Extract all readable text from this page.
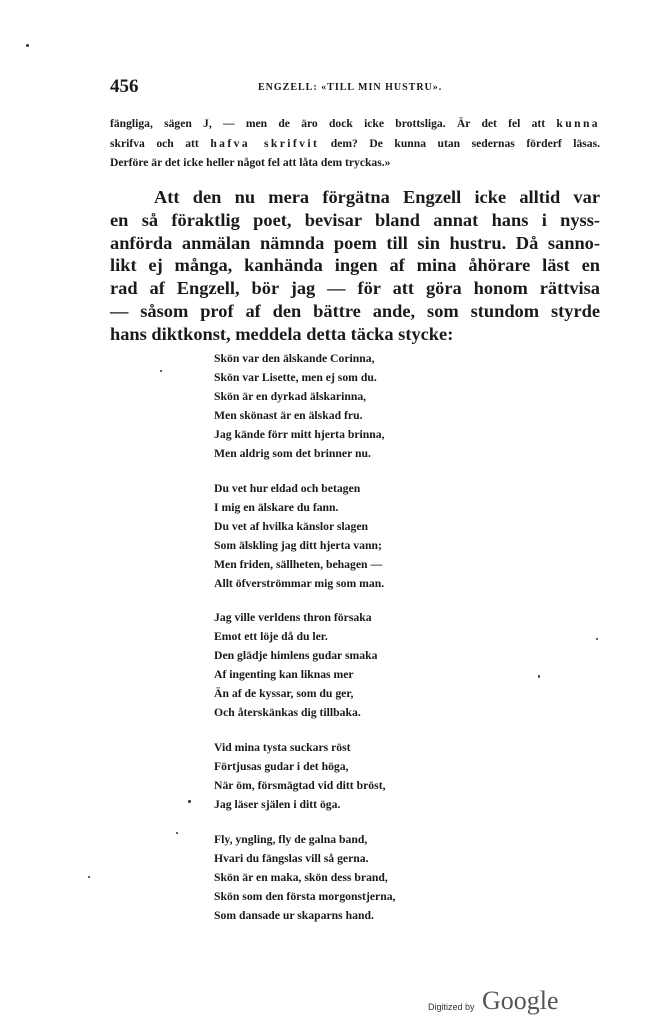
456	ENGZELL: «TILL MIN HUSTRU».
fängliga, sägen J, — men de äro dock icke brottsliga. Är det fel att kunna
skrifva och att hafva skrifvit dem? De kunna utan sedernas förderf läsas.
Derföre är det icke heller något fel att låta dem tryckas.»
Att den nu mera förgätna Engzell icke alltid var
en så föraktlig poet, bevisar bland annat hans i nyss-
anförda anmälan nämnda poem till sin hustru. Då sanno-
likt ej många, kanhända ingen af mina åhörare läst en
rad af Engzell, bör jag — för att göra honom rättvisa
— såsom prof af den bättre ande, som stundom styrde
hans diktkonst, meddela detta täcka stycke:
Skön var den älskande Corinna,
Skön var Lisette, men ej som du.
Skön är en dyrkad älskarinna,
Men skönast är en älskad fru.
Jag kände förr mitt hjerta brinna,
Men aldrig som det brinner nu.
Du vet hur eldad och betagen
I mig en älskare du fann.
Du vet af hvilka känslor slagen
Som älskling jag ditt hjerta vann;
Men friden, sällheten, behagen —
Allt öfverströmmar mig som man.
Jag ville verldens thron försaka
Emot ett löje då du ler.
Den glädje himlens gudar smaka
Af ingenting kan liknas mer
Än af de kyssar, som du ger,
Och återskänkas dig tillbaka.
Vid mina tysta suckars röst
Förtjusas gudar i det höga,
När öm, försmägtad vid ditt bröst,
Jag läser själen i ditt öga.
Fly, yngling, fly de galna band,
Hvari du fängslas vill så gerna.
Skön är en maka, skön dess brand,
Skön som den första morgonstjerna,
Som dansade ur skaparns hand.
Digitized by Google
